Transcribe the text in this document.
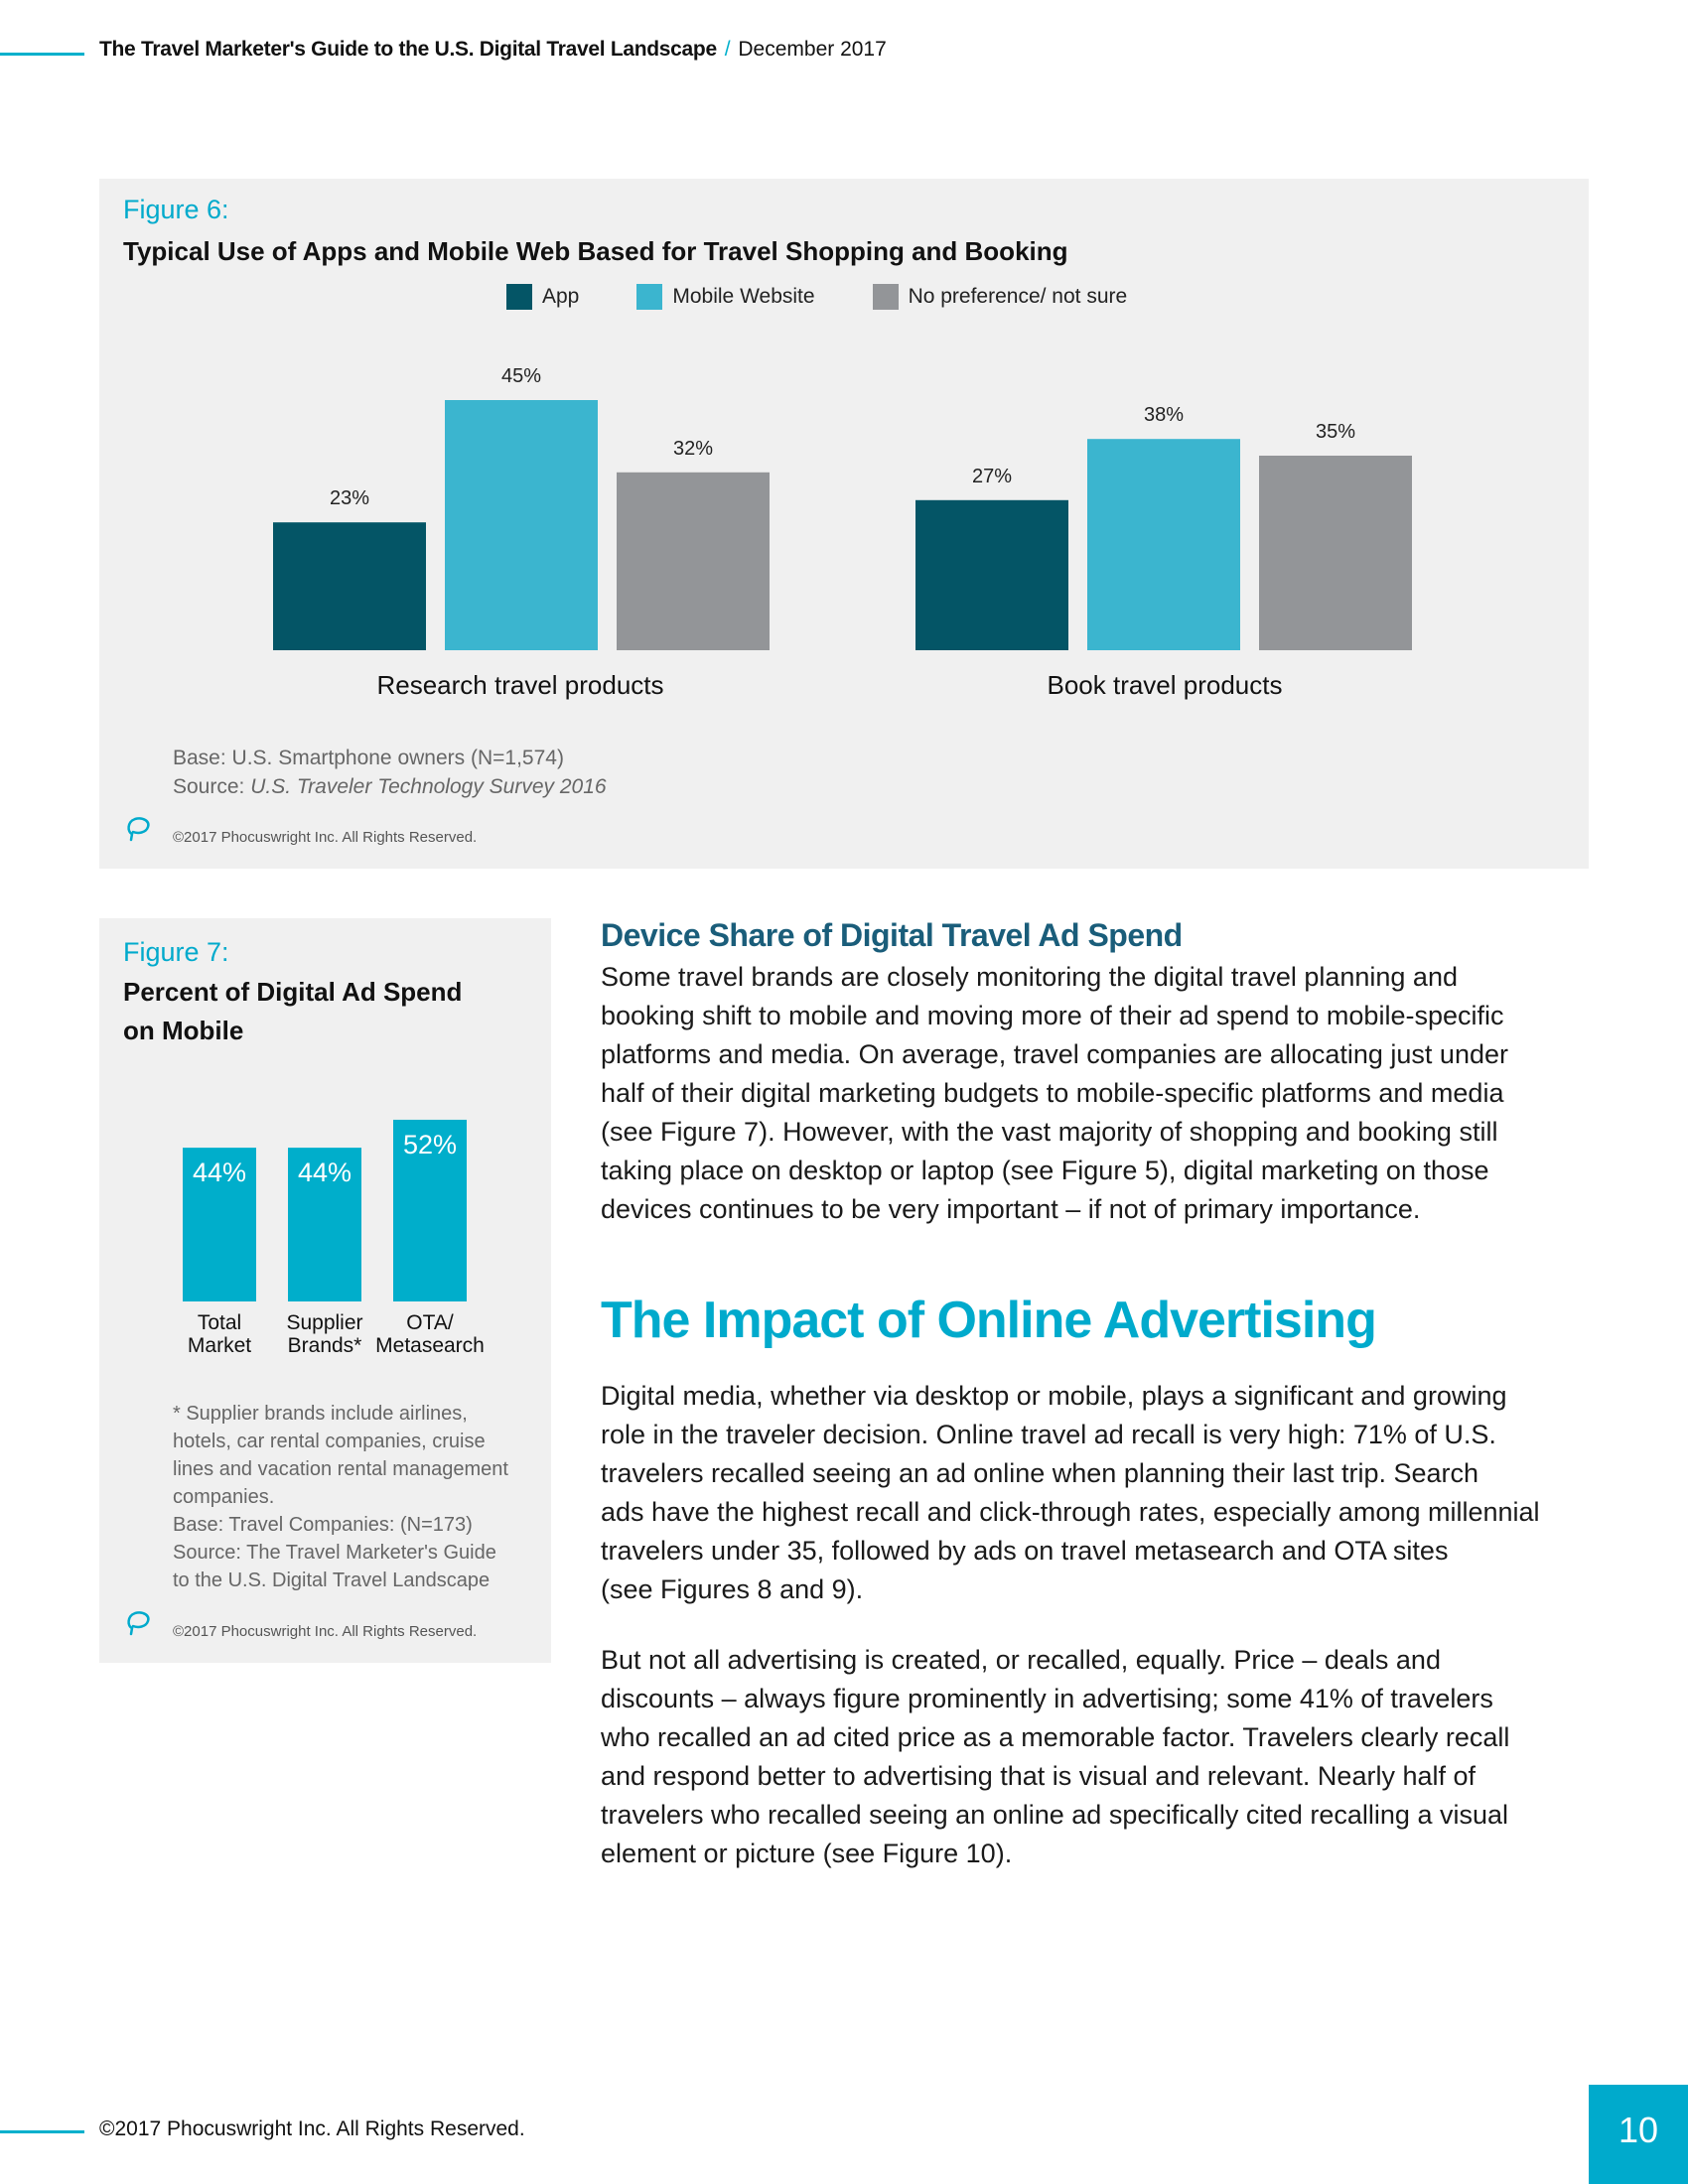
The Travel Marketer's Guide to the U.S. Digital Travel Landscape / December 2017
Figure 6:
Typical Use of Apps and Mobile Web Based for Travel Shopping and Booking
App	Mobile Website	No preference/ not sure
23%
45%
32%
Research travel products
27%
38%
35%
Book travel products
Base: U.S. Smartphone owners (N=1,574)
Source: U.S. Traveler Technology Survey 2016
©2017 Phocuswright Inc. All Rights Reserved.
Figure 7:
Percent of Digital Ad Spend on Mobile
44%
Total
Market
44%
Supplier
Brands*
52%
OTA/
Metasearch
* Supplier brands include airlines,
hotels, car rental companies, cruise
lines and vacation rental management
companies.
Base: Travel Companies: (N=173)
Source: The Travel Marketer's Guide
to the U.S. Digital Travel Landscape
©2017 Phocuswright Inc. All Rights Reserved.
Device Share of Digital Travel Ad Spend
Some travel brands are closely monitoring the digital travel planning and
booking shift to mobile and moving more of their ad spend to mobile-specific
platforms and media. On average, travel companies are allocating just under
half of their digital marketing budgets to mobile-specific platforms and media
(see Figure 7). However, with the vast majority of shopping and booking still
taking place on desktop or laptop (see Figure 5), digital marketing on those
devices continues to be very important – if not of primary importance.
The Impact of Online Advertising
Digital media, whether via desktop or mobile, plays a significant and growing
role in the traveler decision. Online travel ad recall is very high: 71% of U.S.
travelers recalled seeing an ad online when planning their last trip. Search
ads have the highest recall and click-through rates, especially among millennial
travelers under 35, followed by ads on travel metasearch and OTA sites
(see Figures 8 and 9).
But not all advertising is created, or recalled, equally. Price – deals and
discounts – always figure prominently in advertising; some 41% of travelers
who recalled an ad cited price as a memorable factor. Travelers clearly recall
and respond better to advertising that is visual and relevant. Nearly half of
travelers who recalled seeing an online ad specifically cited recalling a visual
element or picture (see Figure 10).
©2017 Phocuswright Inc. All Rights Reserved.	10
